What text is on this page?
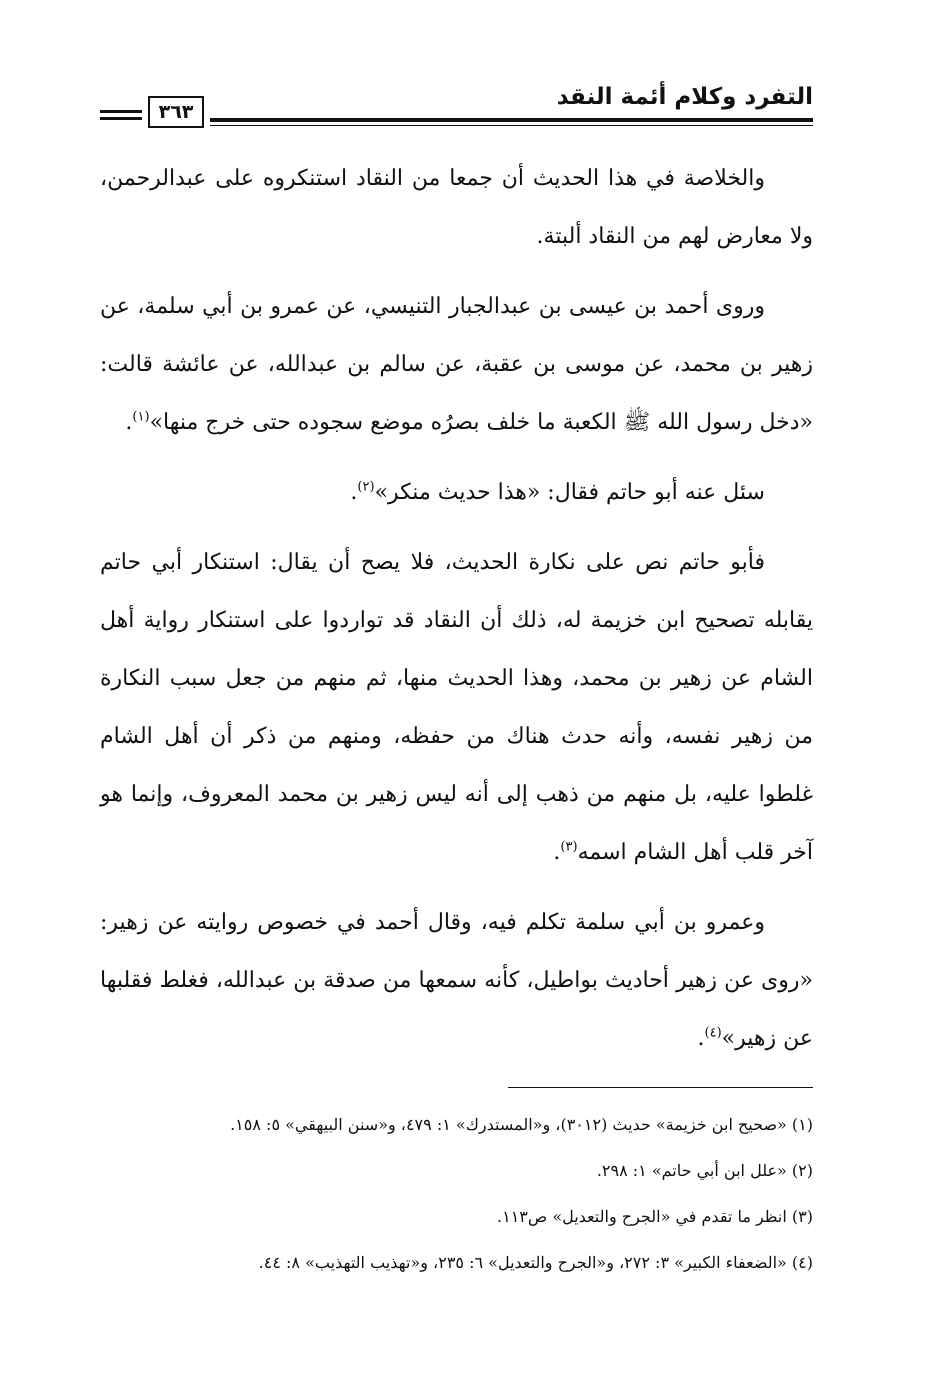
التفرد وكلام أئمة النقد
٣٦٣

والخلاصة في هذا الحديث أن جمعا من النقاد استنكروه على عبدالرحمن، ولا معارض لهم من النقاد ألبتة.

وروى أحمد بن عيسى بن عبدالجبار التنيسي، عن عمرو بن أبي سلمة، عن زهير بن محمد، عن موسى بن عقبة، عن سالم بن عبدالله، عن عائشة قالت: «دخل رسول الله ﷺ الكعبة ما خلف بصرُه موضع سجوده حتى خرج منها»$^{(١)}$.

سئل عنه أبو حاتم فقال: «هذا حديث منكر»$^{(٢)}$.

فأبو حاتم نص على نكارة الحديث، فلا يصح أن يقال: استنكار أبي حاتم يقابله تصحيح ابن خزيمة له، ذلك أن النقاد قد تواردوا على استنكار رواية أهل الشام عن زهير بن محمد، وهذا الحديث منها، ثم منهم من جعل سبب النكارة من زهير نفسه، وأنه حدث هناك من حفظه، ومنهم من ذكر أن أهل الشام غلطوا عليه، بل منهم من ذهب إلى أنه ليس زهير بن محمد المعروف، وإنما هو آخر قلب أهل الشام اسمه$^{(٣)}$.

وعمرو بن أبي سلمة تكلم فيه، وقال أحمد في خصوص روايته عن زهير: «روى عن زهير أحاديث بواطيل، كأنه سمعها من صدقة بن عبدالله، فغلط فقلبها عن زهير»$^{(٤)}$.

(١) «صحيح ابن خزيمة» حديث (٣٠١٢)، و«المستدرك» ١: ٤٧٩، و«سنن البيهقي» ٥: ١٥٨.
(٢) «علل ابن أبي حاتم» ١: ٢٩٨.
(٣) انظر ما تقدم في «الجرح والتعديل» ص١١٣.
(٤) «الضعفاء الكبير» ٣: ٢٧٢، و«الجرح والتعديل» ٦: ٢٣٥، و«تهذيب التهذيب» ٨: ٤٤.
